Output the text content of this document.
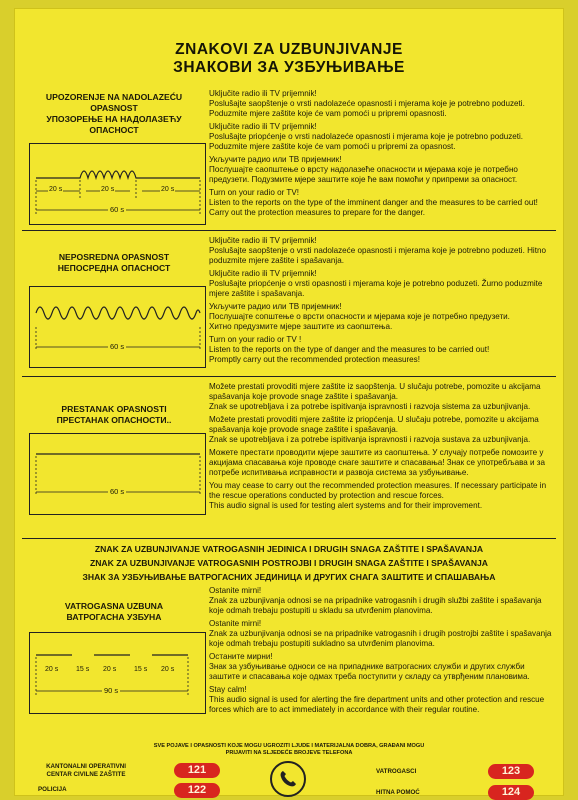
ZNAKOVI ZA UZBUNJIVANJE
ЗНАКОВИ ЗА УЗБУЊИВАЊЕ
UPOZORENJE NA NADOLAZEĆU OPASNOST
УПОЗОРЕЊЕ НА НАДОЛАЗЕЋУ ОПАСНОСТ
20 s	20 s	20 s
60 s

Uključite radio ili TV prijemnik!
Poslušajte saopštenje o vrsti nadolazeće opasnosti i mjerama koje je potrebno poduzeti. Poduzmite mjere zaštite koje će vam pomoći u pripremi opasnosti.

Uključite radio ili TV prijemnik!
Poslušajte priopćenje o vrsti nadolazeće opasnosti i mjerama koje je potrebno poduzeti. Poduzmite mjere zaštite koje će vam pomoći u pripremi za opasnost.

Укључите радио или ТВ пријемник!
Послушајте саопштење о врсту надолазеће опасности и мјерама које је потребно предузети. Подузмите мјере заштите које ће вам помоћи у припреми за опасност.

Turn on your radio or TV!
Listen to the reports on the type of the imminent danger and the measures to be carried out! Carry out the protection measures to prepare for the danger.

NEPOSREDNA OPASNOST
НЕПОСРЕДНА ОПАСНОСТ
60 s

Uključite radio ili TV prijemnik!
Poslušajte saopštenje o vrsti nadolazeće opasnosti i mjerama koje je potrebno poduzeti. Hitno poduzmite mjere zaštite i spašavanja.

Uključite radio ili TV prijemnik!
Poslušajte priopćenje o vrsti opasnosti i mjerama koje je potrebno poduzeti. Žurno poduzmite mjere zaštite i spašavanja.

Укључите радио или ТВ пријемник!
Послушајте сопштење о врсти опасности и мјерама које је потребно предузети.
Хитно предузмите мјере заштите из саопштења.

Turn on your radio or TV !
Listen to the reports on the type of danger and the measures to be carried out!
Promptly carry out the recommended protection measures!

PRESTANAK OPASNOSTI
ПРЕСТАНАК ОПАСНОСТИ..
60 s

Možete prestati provoditi mjere zaštite iz saopštenja. U slučaju potrebe, pomozite u akcijama spašavanja koje provode snage zaštite i spašavanja.
Znak se upotrebljava i za potrebe ispitivanja ispravnosti i razvoja sistema za uzbunjivanja.

Možete prestati provoditi mjere zaštite iz priopćenja. U slučaju potrebe, pomozite u akcijama spašavanja koje provode snage zaštite i spašavanja.
Znak se upotrebljava i za potrebe ispitivanja ispravnosti i razvoja sustava za uzbunjivanja.

Можете престати проводити мјере заштите из саопштења. У случају потребе помозите у акцијама спасавања које проводе снаге заштите и спасавања! Знак се употребљава и за потребе испитивања исправности и развоја система за узбуњивање.

You may cease to carry out the recommended protection measures. If necessary participate in the rescue operations conducted by protection and rescue forces.
This audio signal is used for testing alert systems and for their improvement.

ZNAK ZA UZBUNJIVANJE VATROGASNIH JEDINICA I DRUGIH SNAGA ZAŠTITE I SPAŠAVANJA
ZNAK ZA UZBUNJIVANJE VATROGASNIH POSTROJBI I DRUGIH SNAGA ZAŠTITE I SPAŠAVANJA
ЗНАК ЗА УЗБУЊИВАЊЕ ВАТРОГАСНИХ ЈЕДИНИЦА И ДРУГИХ СНАГА ЗАШТИТЕ И СПАШАВАЊА
VATROGASNA UZBUNA
ВАТРОГАСНА УЗБУНА
20 s	15 s 20 s	15 s 20 s
90 s

Ostanite mirni!
Znak za uzbunjivanja odnosi se na pripadnike vatrogasnih i drugih službi zaštite i spašavanja koje odmah trebaju postupiti u skladu sa utvrđenim planovima.

Ostanite mirni!
Znak za uzbunjivanja odnosi se na pripadnike vatrogasnih i drugih postrojbi zaštite i spašavanja koje odmah trebaju postupiti sukladno sa utvrđenim planovima.

Останите мирни!
Знак за узбуњивање односи се на припаднике ватрогасних служби и других служби заштите и спасавања које одмах треба поступити у складу са утврђеним плановима.

Stay calm!
This audio signal is used for alerting the fire department units and other protection and rescue forces which are to act immediately in accordance with their regular routine.

SVE POJAVE I OPASNOSTI KOJE MOGU UGROZITI LJUDE I MATERIJALNA DOBRA, GRAĐANI MOGU
PRIJAVITI NA SLJEDEĆE BROJEVE TELEFONA
KANTONALNI OPERATIVNI CENTAR CIVILNE ZAŠTITE	121
POLICIJA	122
VATROGASCI	123
HITNA POMOĆ	124
